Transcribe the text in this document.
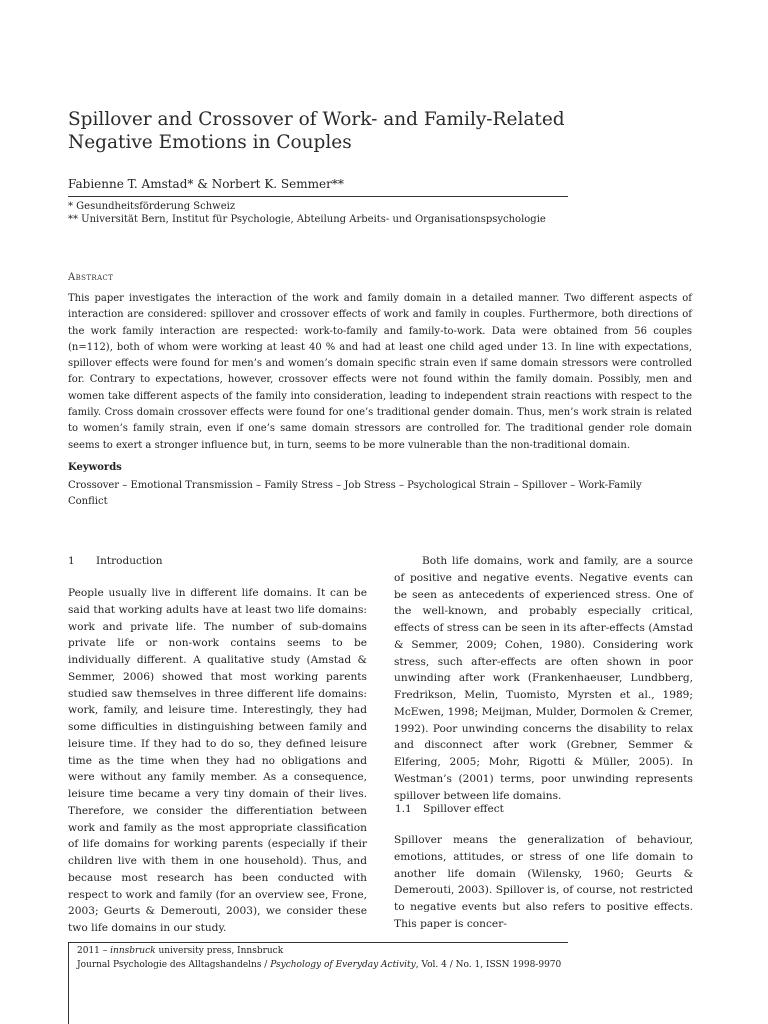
Spillover and Crossover of Work- and Family-Related
Negative Emotions in Couples
Fabienne T. Amstad* & Norbert K. Semmer**
* Gesundheitsförderung Schweiz
** Universität Bern, Institut für Psychologie, Abteilung Arbeits- und Organisationspsychologie
Abstract

This paper investigates the interaction of the work and family domain in a detailed manner. Two different aspects of interaction are considered: spillover and crossover effects of work and family in couples. Furthermore, both directions of the work family interaction are respected: work-to-family and family-to-work. Data were obtained from 56 couples (n=112), both of whom were working at least 40 % and had at least one child aged under 13. In line with expectations, spillover effects were found for men’s and women’s domain specific strain even if same domain stressors were controlled for. Contrary to expectations, however, crossover effects were not found within the family domain. Possibly, men and women take different aspects of the family into consideration, leading to independent strain reactions with respect to the family. Cross domain crossover effects were found for one’s traditional gender domain. Thus, men’s work strain is related to women’s family strain, even if one’s same domain stressors are controlled for. The traditional gender role domain seems to exert a stronger influence but, in turn, seems to be more vulnerable than the non-traditional domain.

Keywords

Crossover – Emotional Transmission – Family Stress – Job Stress – Psychological Strain – Spillover – Work-Family Conflict

1 Introduction

People usually live in different life domains. It can be said that working adults have at least two life domains: work and private life. The number of sub-domains private life or non-work contains seems to be individually different. A qualitative study (Amstad & Semmer, 2006) showed that most working parents studied saw themselves in three different life domains: work, family, and leisure time. Interestingly, they had some difficulties in distinguishing between family and leisure time. If they had to do so, they defined leisure time as the time when they had no obligations and were without any family member. As a consequence, leisure time became a very tiny domain of their lives. Therefore, we consider the differentiation between work and family as the most appropriate classification of life domains for working parents (especially if their children live with them in one household). Thus, and because most research has been conducted with respect to work and family (for an overview see, Frone, 2003; Geurts & Demerouti, 2003), we consider these two life domains in our study.

Both life domains, work and family, are a source of positive and negative events. Negative events can be seen as antecedents of experienced stress. One of the well-known, and probably especially critical, effects of stress can be seen in its after-effects (Amstad & Semmer, 2009; Cohen, 1980). Considering work stress, such after-effects are often shown in poor unwinding after work (Frankenhaeuser, Lundbberg, Fredrikson, Melin, Tuomisto, Myrsten et al., 1989; McEwen, 1998; Meijman, Mulder, Dormolen & Cremer, 1992). Poor unwinding concerns the disability to relax and disconnect after work (Grebner, Semmer & Elfering, 2005; Mohr, Rigotti & Müller, 2005). In Westman’s (2001) terms, poor unwinding represents spillover between life domains.

1.1 Spillover effect

Spillover means the generalization of behaviour, emotions, attitudes, or stress of one life domain to another life domain (Wilensky, 1960; Geurts & Demerouti, 2003). Spillover is, of course, not restricted to negative events but also refers to positive effects. This paper is concer-

2011 – innsbruck university press, Innsbruck
Journal Psychologie des Alltagshandelns / Psychology of Everyday Activity, Vol. 4 / No. 1, ISSN 1998-9970
